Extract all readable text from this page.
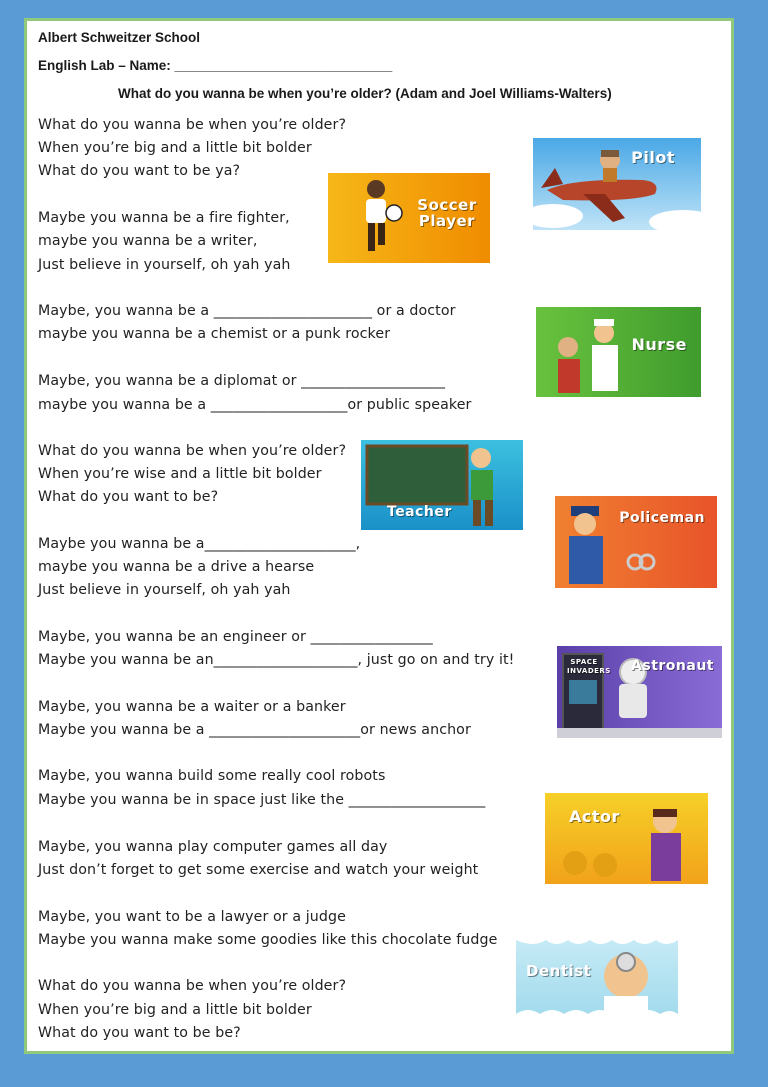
Albert Schweitzer School
English Lab – Name: _____________________________
What do you wanna be when you’re older? (Adam and Joel Williams-Walters)
What do you wanna be when you’re older?
When you’re big and a little bit bolder
What do you want to be ya?
Maybe you wanna be a fire fighter,
maybe you wanna be a writer,
Just believe in yourself, oh yah yah
Maybe, you wanna be a ______________________ or a doctor
maybe you wanna be a chemist or a punk rocker
Maybe, you wanna be a diplomat or ____________________
maybe you wanna be a ___________________or public speaker
What do you wanna be when you’re older?
When you’re wise and a little bit bolder
What do you want to be?
Maybe you wanna be a_____________________,
maybe you wanna be a drive a hearse
Just believe in yourself, oh yah yah
Maybe, you wanna be an engineer or _________________
Maybe you wanna be an____________________, just go on and try it!
Maybe, you wanna be a waiter or a banker
Maybe you wanna be a _____________________or news anchor
Maybe, you wanna build some really cool robots
Maybe you wanna be in space just like the ___________________
Maybe, you wanna play computer games all day
Just don’t forget to get some exercise and watch your weight
Maybe, you want to be a lawyer or a judge
Maybe you wanna make some goodies like this chocolate fudge
What do you wanna be when you’re older?
When you’re big and a little bit bolder
What do you want to be be?
Pilot
Soccer Player
Nurse
Teacher	Policeman
SPACE INVADERS Astronaut
Actor
Dentist
